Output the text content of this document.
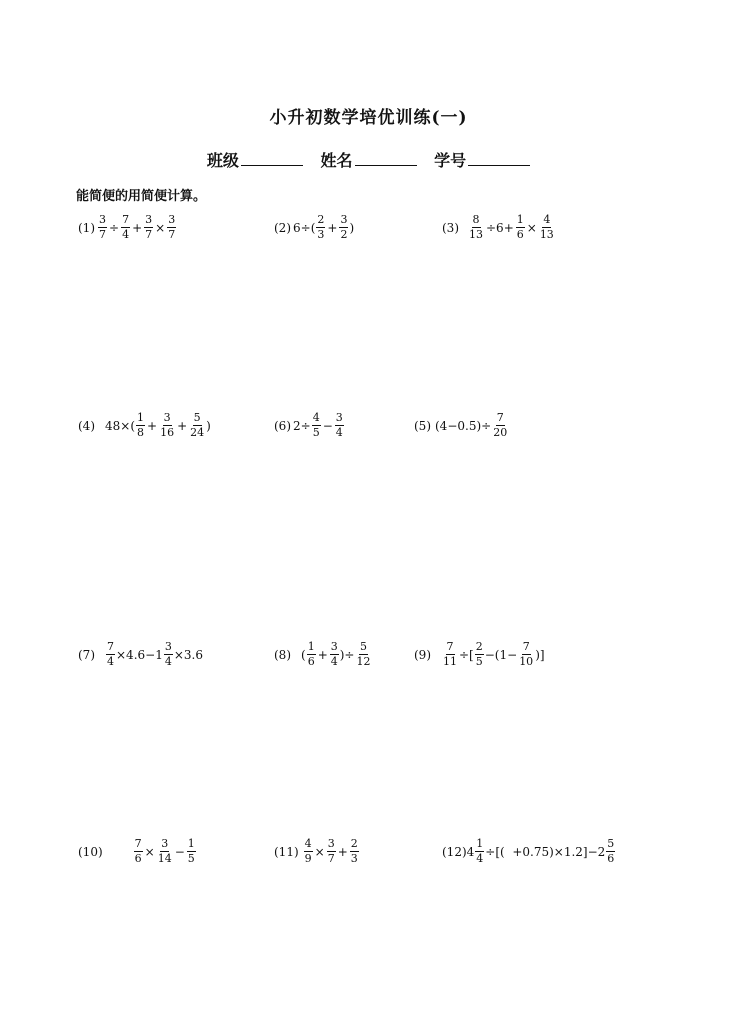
小升初数学培优训练(一)
班级	姓名	学号
能简便的用简便计算。
$(1) \frac{3}{7} \div \frac{7}{4} + \frac{3}{7} \times \frac{3}{7}$	(2) $6\div( \frac{2}{3} + \frac{3}{2}$ )	$(3) \frac{8}{13} \div 6+ \frac{1}{6} \times \frac{4}{13}$
(4) $48\times( \frac{1}{8} + \frac{3}{16} + \frac{5}{24}$ )	(6) $2\div \frac{4}{5} - \frac{3}{4}$	(5) $(4-0.5)\div \frac{7}{20}$
$(7) \frac{7}{4} \times 4.6-1 \frac{3}{4} \times 3.6$	(8) ( $\frac{1}{6} + \frac{3}{4}$ )÷ $\frac{5}{12}$	$(9) \frac{7}{11}$ ÷[ $\frac{2}{5} -(1- \frac{7}{10}$ )]
(10)	$\frac{7}{6} \times \frac{3}{14} - \frac{1}{5}$	$(11) \frac{4}{9} \times \frac{3}{7} + \frac{2}{3}$	(12) $4 \frac{1}{4}$ ÷[(  $+0.75)\times 1.2]-2 \frac{5}{6}$
